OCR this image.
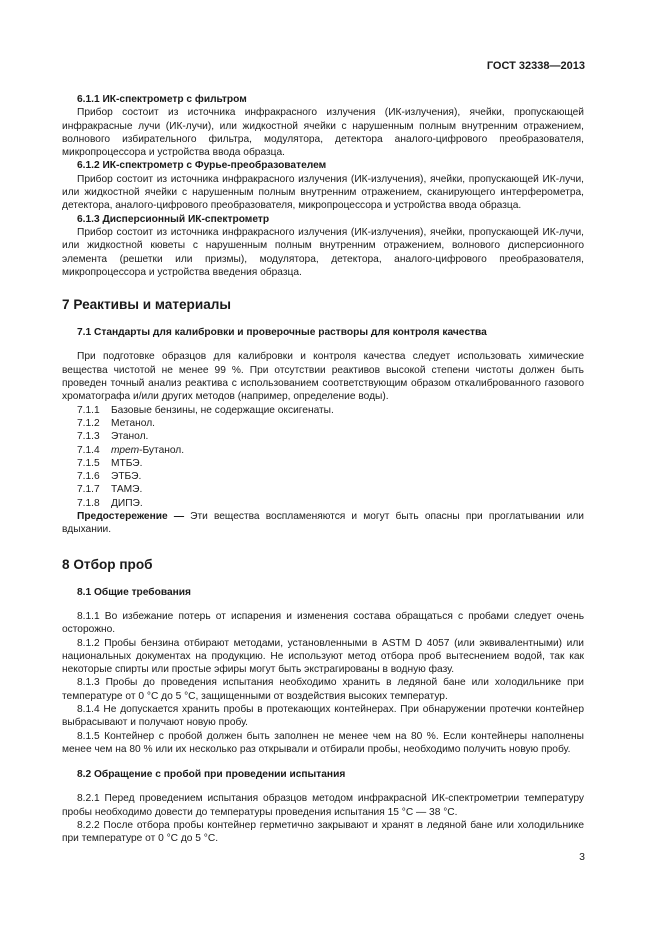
ГОСТ 32338—2013

6.1.1 ИК-спектрометр с фильтром

Прибор состоит из источника инфракрасного излучения (ИК-излучения), ячейки, пропускающей инфракрасные лучи (ИК-лучи), или жидкостной ячейки с нарушенным полным внутренним отражением, волнового избирательного фильтра, модулятора, детектора аналого-цифрового преобразователя, микропроцессора и устройства ввода образца.

6.1.2 ИК-спектрометр с Фурье-преобразователем

Прибор состоит из источника инфракрасного излучения (ИК-излучения), ячейки, пропускающей ИК-лучи, или жидкостной ячейки с нарушенным полным внутренним отражением, сканирующего интерферометра, детектора, аналого-цифрового преобразователя, микропроцессора и устройства ввода образца.

6.1.3 Дисперсионный ИК-спектрометр

Прибор состоит из источника инфракрасного излучения (ИК-излучения), ячейки, пропускающей ИК-лучи, или жидкостной кюветы с нарушенным полным внутренним отражением, волнового дисперсионного элемента (решетки или призмы), модулятора, детектора, аналого-цифрового преобразователя, микропроцессора и устройства введения образца.

7 Реактивы и материалы

7.1 Стандарты для калибровки и проверочные растворы для контроля качества

При подготовке образцов для калибровки и контроля качества следует использовать химические вещества чистотой не менее 99 %. При отсутствии реактивов высокой степени чистоты должен быть проведен точный анализ реактива с использованием соответствующим образом откалиброванного газового хроматографа и/или других методов (например, определение воды).

7.1.1 Базовые бензины, не содержащие оксигенаты.

7.1.2 Метанол.

7.1.3 Этанол.

7.1.4 трет-Бутанол.

7.1.5 МТБЭ.

7.1.6 ЭТБЭ.

7.1.7 ТАМЭ.

7.1.8 ДИПЭ.

Предостережение — Эти вещества воспламеняются и могут быть опасны при проглатывании или вдыхании.

8 Отбор проб

8.1 Общие требования

8.1.1 Во избежание потерь от испарения и изменения состава обращаться с пробами следует очень осторожно.

8.1.2 Пробы бензина отбирают методами, установленными в ASTM D 4057 (или эквивалентными) или национальных документах на продукцию. Не используют метод отбора проб вытеснением водой, так как некоторые спирты или простые эфиры могут быть экстрагированы в водную фазу.

8.1.3 Пробы до проведения испытания необходимо хранить в ледяной бане или холодильнике при температуре от 0 °С до 5 °С, защищенными от воздействия высоких температур.

8.1.4 Не допускается хранить пробы в протекающих контейнерах. При обнаружении протечки контейнер выбрасывают и получают новую пробу.

8.1.5 Контейнер с пробой должен быть заполнен не менее чем на 80 %. Если контейнеры наполнены менее чем на 80 % или их несколько раз открывали и отбирали пробы, необходимо получить новую пробу.

8.2 Обращение с пробой при проведении испытания

8.2.1 Перед проведением испытания образцов методом инфракрасной ИК-спектрометрии температуру пробы необходимо довести до температуры проведения испытания 15 °С — 38 °С.

8.2.2 После отбора пробы контейнер герметично закрывают и хранят в ледяной бане или холодильнике при температуре от 0 °С до 5 °С.

3
